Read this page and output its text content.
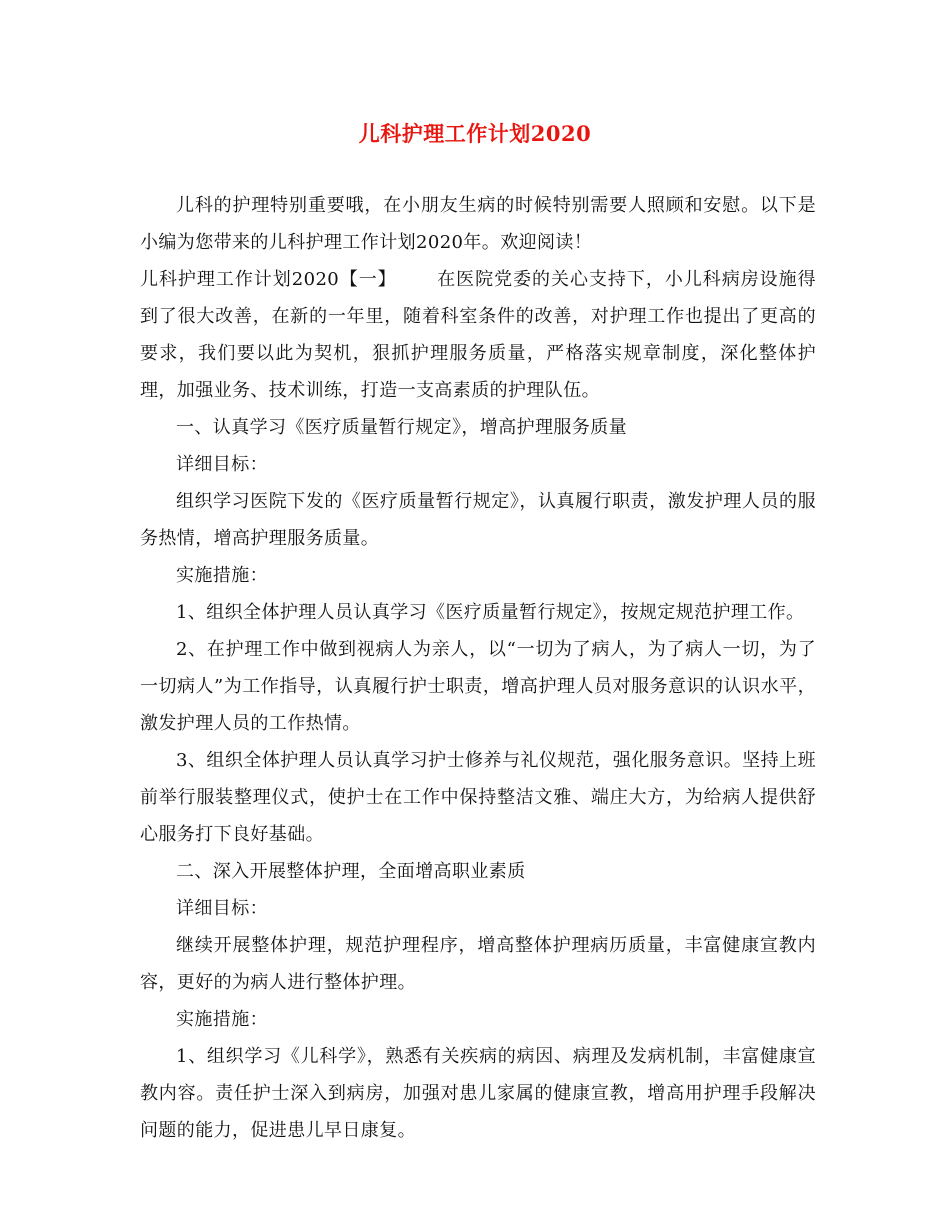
儿科护理工作计划2020

儿科的护理特别重要哦，在小朋友生病的时候特别需要人照顾和安慰。以下是小编为您带来的儿科护理工作计划2020年。欢迎阅读！

儿科护理工作计划2020【一】 在医院党委的关心支持下，小儿科病房设施得到了很大改善，在新的一年里，随着科室条件的改善，对护理工作也提出了更高的要求，我们要以此为契机，狠抓护理服务质量，严格落实规章制度，深化整体护理，加强业务、技术训练，打造一支高素质的护理队伍。

一、认真学习《医疗质量暂行规定》，增高护理服务质量

详细目标：

组织学习医院下发的《医疗质量暂行规定》，认真履行职责，激发护理人员的服务热情，增高护理服务质量。

实施措施：

1、组织全体护理人员认真学习《医疗质量暂行规定》，按规定规范护理工作。

2、在护理工作中做到视病人为亲人，以“一切为了病人，为了病人一切，为了一切病人”为工作指导，认真履行护士职责，增高护理人员对服务意识的认识水平，激发护理人员的工作热情。

3、组织全体护理人员认真学习护士修养与礼仪规范，强化服务意识。坚持上班前举行服装整理仪式，使护士在工作中保持整洁文雅、端庄大方，为给病人提供舒心服务打下良好基础。

二、深入开展整体护理，全面增高职业素质

详细目标：

继续开展整体护理，规范护理程序，增高整体护理病历质量，丰富健康宣教内容，更好的为病人进行整体护理。

实施措施：

1、组织学习《儿科学》，熟悉有关疾病的病因、病理及发病机制，丰富健康宣教内容。责任护士深入到病房，加强对患儿家属的健康宣教，增高用护理手段解决问题的能力，促进患儿早日康复。
